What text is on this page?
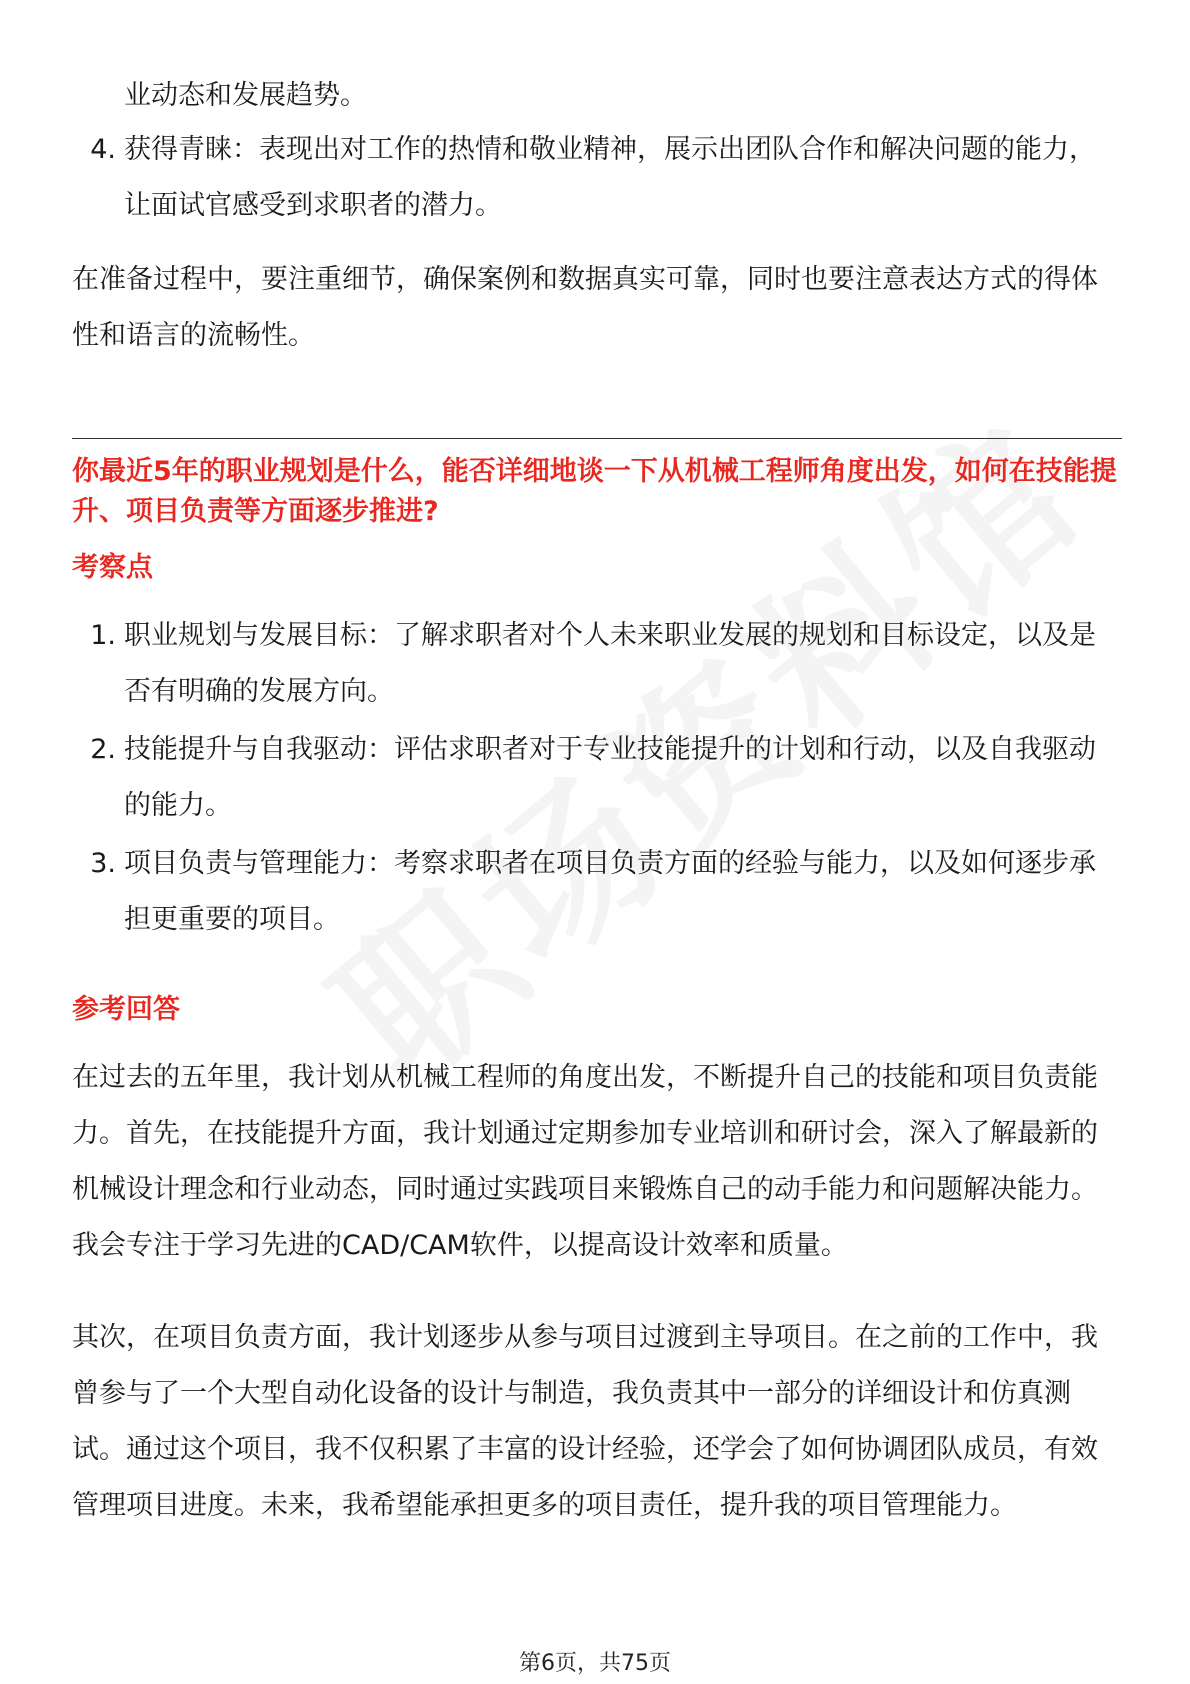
业动态和发展趋势。
4. 获得青睐：表现出对工作的热情和敬业精神，展示出团队合作和解决问题的能力，让面试官感受到求职者的潜力。
在准备过程中，要注重细节，确保案例和数据真实可靠，同时也要注意表达方式的得体性和语言的流畅性。
你最近5年的职业规划是什么，能否详细地谈一下从机械工程师角度出发，如何在技能提升、项目负责等方面逐步推进?
考察点
1. 职业规划与发展目标：了解求职者对个人未来职业发展的规划和目标设定，以及是否有明确的发展方向。
2. 技能提升与自我驱动：评估求职者对于专业技能提升的计划和行动，以及自我驱动的能力。
3. 项目负责与管理能力：考察求职者在项目负责方面的经验与能力，以及如何逐步承担更重要的项目。
参考回答
在过去的五年里，我计划从机械工程师的角度出发，不断提升自己的技能和项目负责能力。首先，在技能提升方面，我计划通过定期参加专业培训和研讨会，深入了解最新的机械设计理念和行业动态，同时通过实践项目来锻炼自己的动手能力和问题解决能力。我会专注于学习先进的CAD/CAM软件，以提高设计效率和质量。
其次，在项目负责方面，我计划逐步从参与项目过渡到主导项目。在之前的工作中，我曾参与了一个大型自动化设备的设计与制造，我负责其中一部分的详细设计和仿真测试。通过这个项目，我不仅积累了丰富的设计经验，还学会了如何协调团队成员，有效管理项目进度。未来，我希望能承担更多的项目责任，提升我的项目管理能力。
第6页，共75页
